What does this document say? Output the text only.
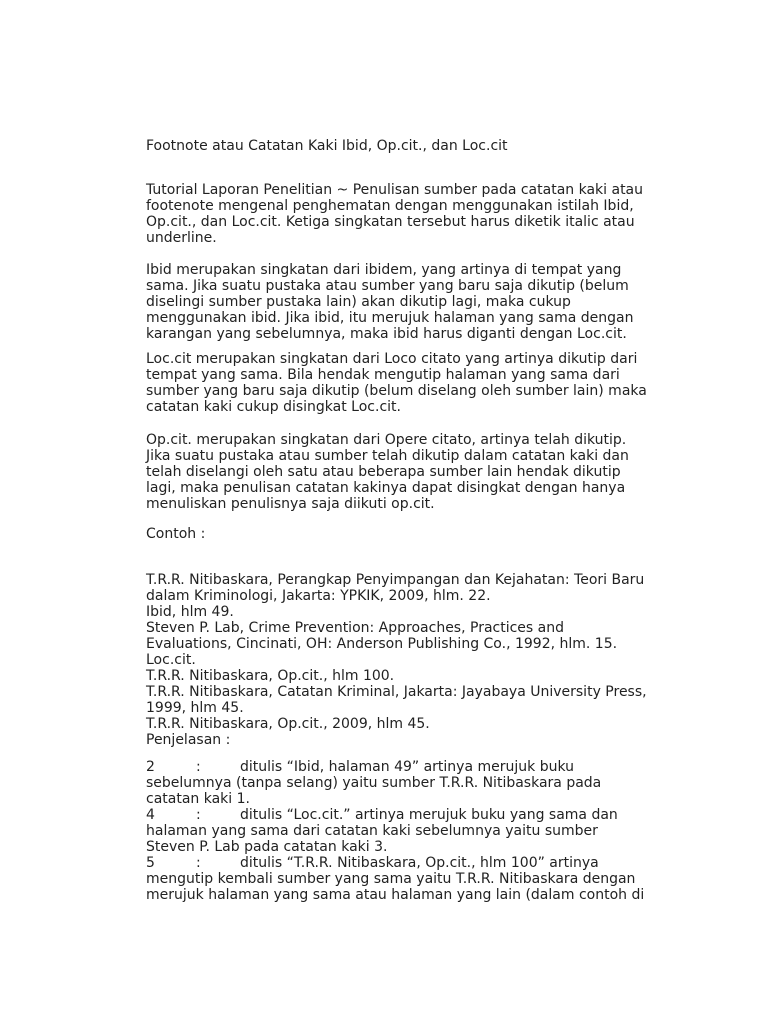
Footnote atau Catatan Kaki Ibid, Op.cit., dan Loc.cit
Tutorial Laporan Penelitian ~ Penulisan sumber pada catatan kaki atau
footenote mengenal penghematan dengan menggunakan istilah Ibid,
Op.cit., dan Loc.cit. Ketiga singkatan tersebut harus diketik italic atau
underline.
Ibid merupakan singkatan dari ibidem, yang artinya di tempat yang
sama. Jika suatu pustaka atau sumber yang baru saja dikutip (belum
diselingi sumber pustaka lain) akan dikutip lagi, maka cukup
menggunakan ibid. Jika ibid, itu merujuk halaman yang sama dengan
karangan yang sebelumnya, maka ibid harus diganti dengan Loc.cit.
Loc.cit merupakan singkatan dari Loco citato yang artinya dikutip dari
tempat yang sama. Bila hendak mengutip halaman yang sama dari
sumber yang baru saja dikutip (belum diselang oleh sumber lain) maka
catatan kaki cukup disingkat Loc.cit.
Op.cit. merupakan singkatan dari Opere citato, artinya telah dikutip.
Jika suatu pustaka atau sumber telah dikutip dalam catatan kaki dan
telah diselangi oleh satu atau beberapa sumber lain hendak dikutip
lagi, maka penulisan catatan kakinya dapat disingkat dengan hanya
menuliskan penulisnya saja diikuti op.cit.
Contoh :
T.R.R. Nitibaskara, Perangkap Penyimpangan dan Kejahatan: Teori Baru
dalam Kriminologi, Jakarta: YPKIK, 2009, hlm. 22.
Ibid, hlm 49.
Steven P. Lab, Crime Prevention: Approaches, Practices and
Evaluations, Cincinati, OH: Anderson Publishing Co., 1992, hlm. 15.
Loc.cit.
T.R.R. Nitibaskara, Op.cit., hlm 100.
T.R.R. Nitibaskara, Catatan Kriminal, Jakarta: Jayabaya University Press,
1999, hlm 45.
T.R.R. Nitibaskara, Op.cit., 2009, hlm 45.
Penjelasan :
2	:	ditulis “Ibid, halaman 49” artinya merujuk buku
sebelumnya (tanpa selang) yaitu sumber T.R.R. Nitibaskara pada
catatan kaki 1.
4	:	ditulis “Loc.cit.” artinya merujuk buku yang sama dan
halaman yang sama dari catatan kaki sebelumnya yaitu sumber
Steven P. Lab pada catatan kaki 3.
5	:	ditulis “T.R.R. Nitibaskara, Op.cit., hlm 100” artinya
mengutip kembali sumber yang sama yaitu T.R.R. Nitibaskara dengan
merujuk halaman yang sama atau halaman yang lain (dalam contoh di
